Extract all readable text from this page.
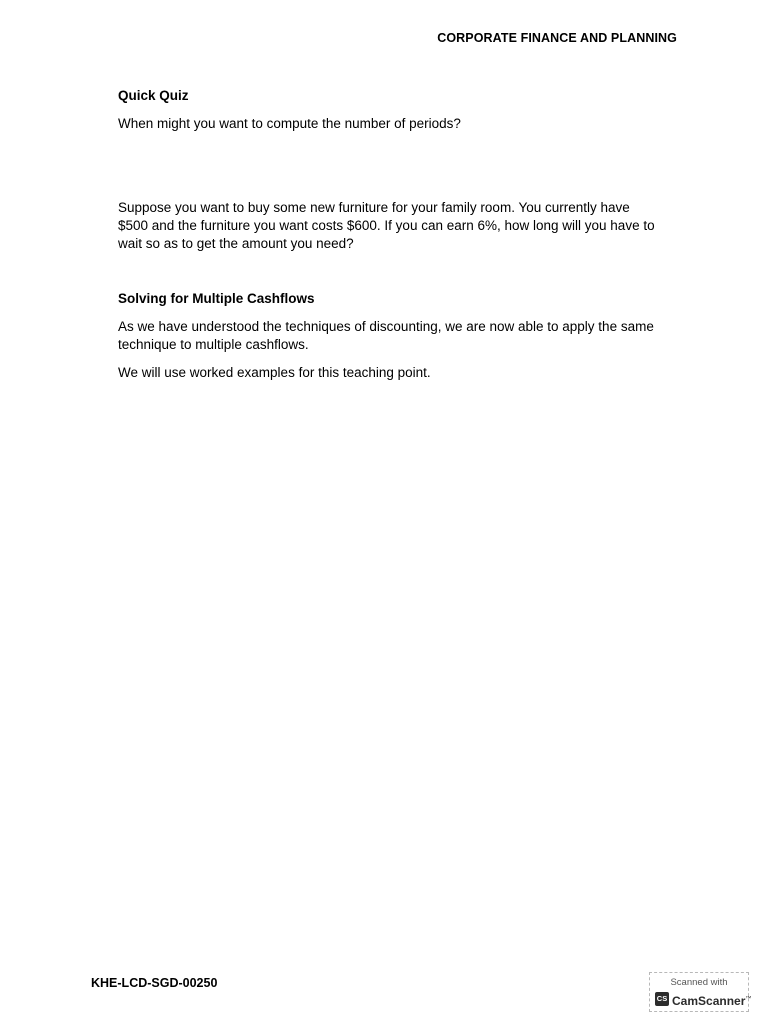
CORPORATE FINANCE AND PLANNING

Quick Quiz

When might you want to compute the number of periods?

Suppose you want to buy some new furniture for your family room. You currently have $500 and the furniture you want costs $600. If you can earn 6%, how long will you have to wait so as to get the amount you need?

Solving for Multiple Cashflows

As we have understood the techniques of discounting, we are now able to apply the same technique to multiple cashflows.

We will use worked examples for this teaching point.

KHE-LCD-SGD-00250	Scanned with
CS CamScanner™
